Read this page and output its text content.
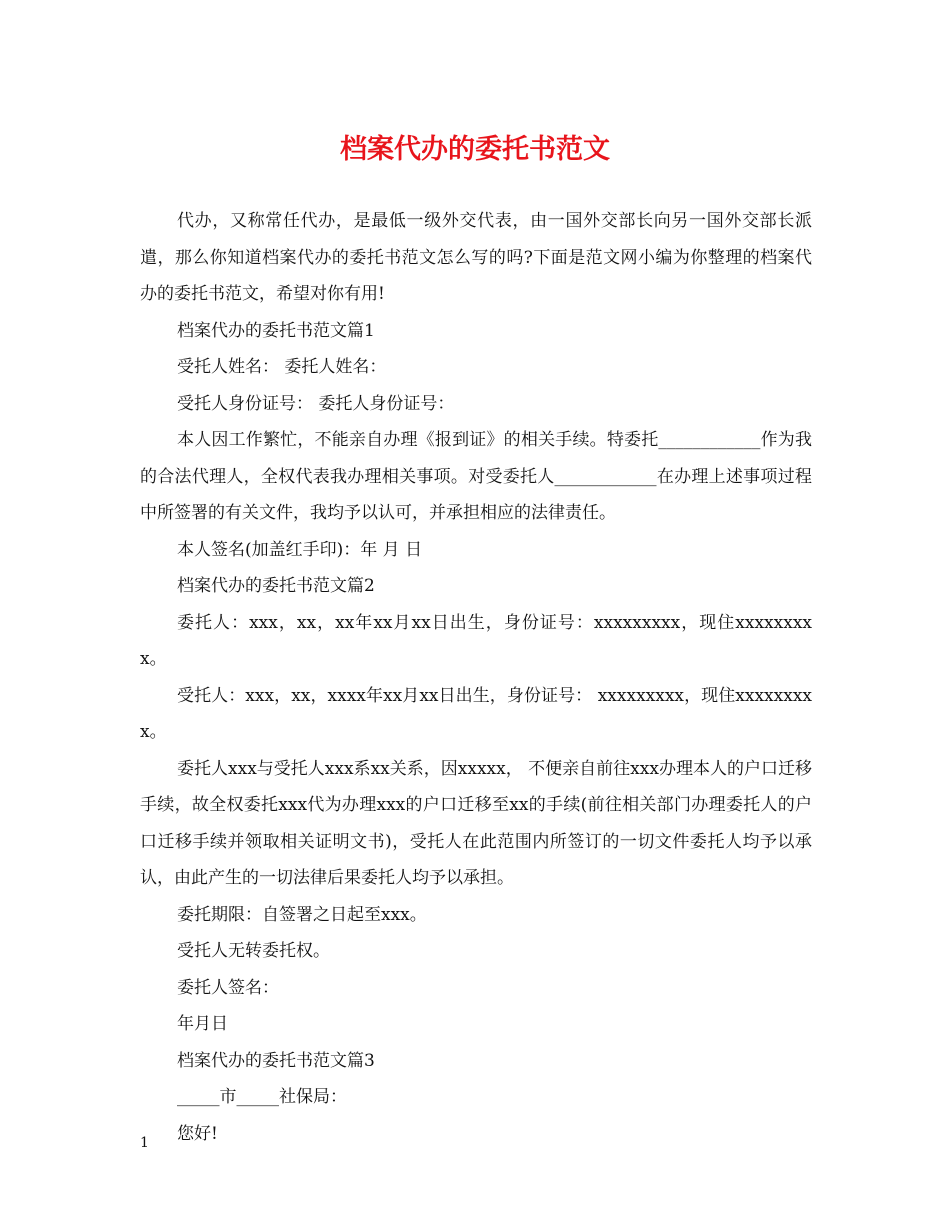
档案代办的委托书范文

代办，又称常任代办，是最低一级外交代表，由一国外交部长向另一国外交部长派遣，那么你知道档案代办的委托书范文怎么写的吗?下面是范文网小编为你整理的档案代办的委托书范文，希望对你有用!

档案代办的委托书范文篇1

受托人姓名： 委托人姓名：

受托人身份证号： 委托人身份证号：

本人因工作繁忙，不能亲自办理《报到证》的相关手续。特委托____________作为我的合法代理人，全权代表我办理相关事项。对受委托人____________在办理上述事项过程中所签署的有关文件，我均予以认可，并承担相应的法律责任。

本人签名(加盖红手印)：年 月 日

档案代办的委托书范文篇2

委托人：xxx，xx，xx年xx月xx日出生，身份证号：xxxxxxxxx，现住xxxxxxxxx。

受托人：xxx，xx，xxxx年xx月xx日出生，身份证号： xxxxxxxxx，现住xxxxxxxxx。

委托人xxx与受托人xxx系xx关系，因xxxxx， 不便亲自前往xxx办理本人的户口迁移手续，故全权委托xxx代为办理xxx的户口迁移至xx的手续(前往相关部门办理委托人的户口迁移手续并领取相关证明文书)，受托人在此范围内所签订的一切文件委托人均予以承认，由此产生的一切法律后果委托人均予以承担。

委托期限：自签署之日起至xxx。

受托人无转委托权。

委托人签名：

年月日

档案代办的委托书范文篇3

_____市_____社保局：

您好!

1
